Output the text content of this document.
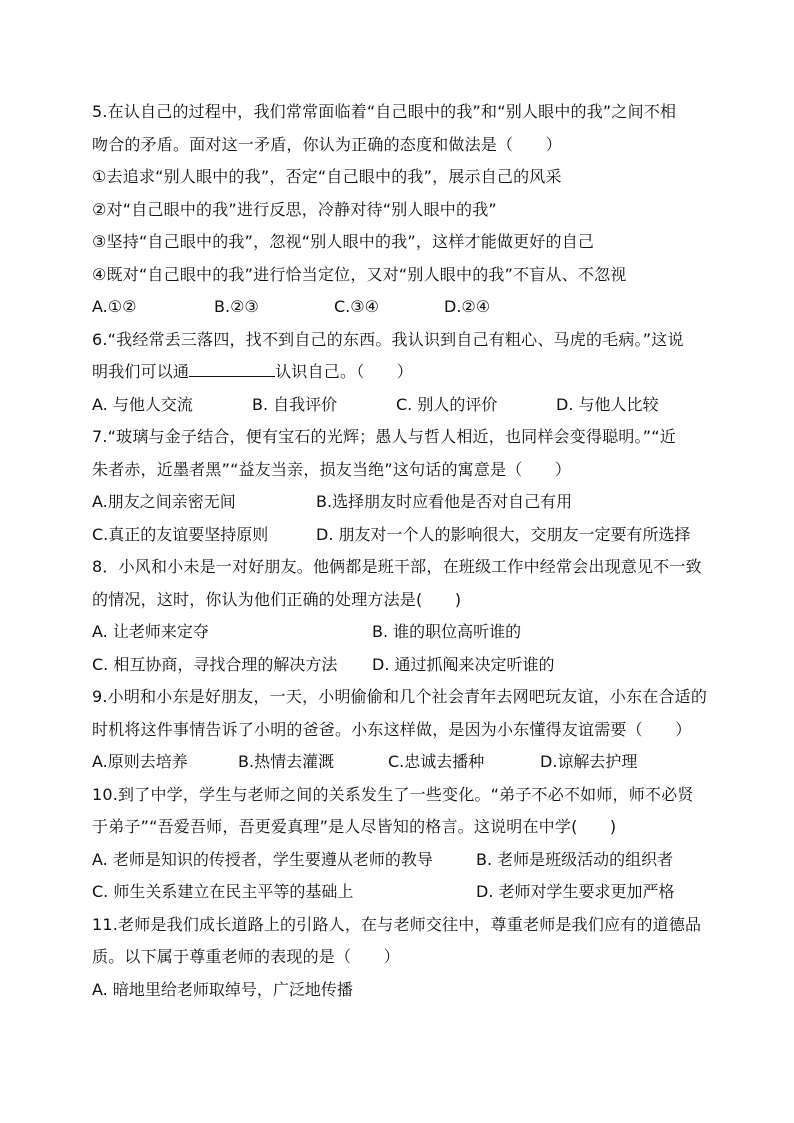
5.在认自己的过程中，我们常常面临着“自己眼中的我”和“别人眼中的我”之间不相
吻合的矛盾。面对这一矛盾，你认为正确的态度和做法是（　　）
①去追求“别人眼中的我”，否定“自己眼中的我”，展示自己的风采
②对“自己眼中的我”进行反思，冷静对待“别人眼中的我”
③坚持“自己眼中的我”，忽视“别人眼中的我”，这样才能做更好的自己
④既对“自己眼中的我”进行恰当定位，又对“别人眼中的我”不盲从、不忽视
A.①②	B.②③	C.③④	D.②④
6.“我经常丢三落四，找不到自己的东西。我认识到自己有粗心、马虎的毛病。”这说
明我们可以通	认识自己。（　　）
A. 与他人交流	B. 自我评价	C. 别人的评价	D. 与他人比较
7.“玻璃与金子结合，便有宝石的光辉；愚人与哲人相近，也同样会变得聪明。”“近
朱者赤，近墨者黑”“益友当亲，损友当绝”这句话的寓意是（　　）
A.朋友之间亲密无间	B.选择朋友时应看他是否对自己有用
C.真正的友谊要坚持原则	D. 朋友对一个人的影响很大，交朋友一定要有所选择
8．小风和小未是一对好朋友。他俩都是班干部，在班级工作中经常会出现意见不一致
的情况，这时，你认为他们正确的处理方法是(　　)
A. 让老师来定夺	B. 谁的职位高听谁的
C. 相互协商，寻找合理的解决方法 D. 通过抓阄来决定听谁的
9.小明和小东是好朋友，一天，小明偷偷和几个社会青年去网吧玩友谊，小东在合适的
时机将这件事情告诉了小明的爸爸。小东这样做，是因为小东懂得友谊需要（　　）
A.原则去培养	B.热情去灌溉	C.忠诚去播种	D.谅解去护理
10.到了中学，学生与老师之间的关系发生了一些变化。“弟子不必不如师，师不必贤
于弟子”“吾爱吾师，吾更爱真理”是人尽皆知的格言。这说明在中学(　　)
A. 老师是知识的传授者，学生要遵从老师的教导	B. 老师是班级活动的组织者
C. 师生关系建立在民主平等的基础上	D. 老师对学生要求更加严格
11.老师是我们成长道路上的引路人，在与老师交往中，尊重老师是我们应有的道德品
质。以下属于尊重老师的表现的是（　　）
A. 暗地里给老师取绰号，广泛地传播
